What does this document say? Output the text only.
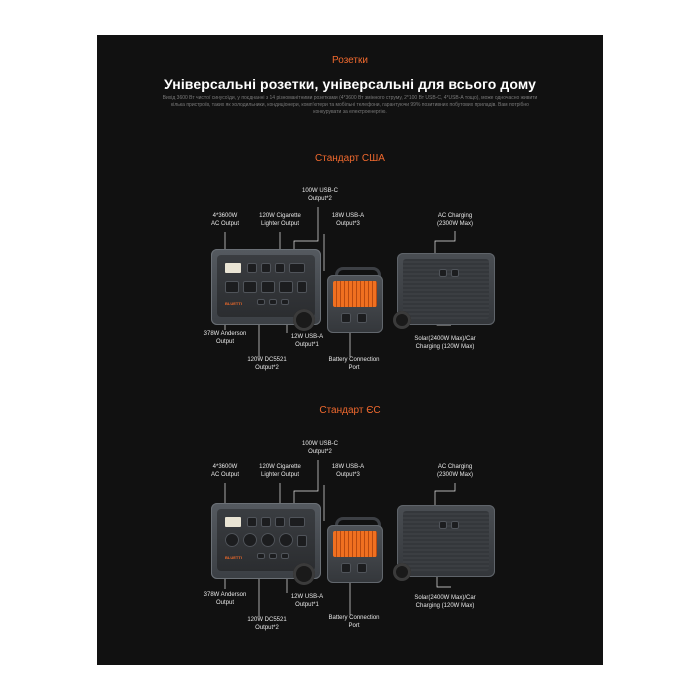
Розетки
Універсальні розетки, універсальні для всього дому
Вихід 3600 Вт чистої синусоїди, у поєднанні з 14 різноманітними розетками (4*3600 Вт змінного струму, 2*100 Вт USB-C, 4*USB-A тощо), може одночасно живити кілька пристроїв, таких як холодильники, кондиціонери, комп'ютери та мобільні телефони, гарантуючи 99% позитивних побутових приладів. Вам потрібно конкурувати за електроенергію.
Стандарт США
100W USB-C
Output*2
4*3600W
AC Output
120W Cigarette
Lighter Output
18W USB-A
Output*3
AC Charging
(2300W Max)
378W Anderson
Output
12W USB-A
Output*1
120W DC5521
Output*2
Battery Connection
Port
Solar(2400W Max)/Car
Charging (120W Max)
BLUETTI
Стандарт ЄС
100W USB-C
Output*2
4*3600W
AC Output
120W Cigarette
Lighter Output
18W USB-A
Output*3
AC Charging
(2300W Max)
378W Anderson
Output
12W USB-A
Output*1
120W DC5521
Output*2
Battery Connection
Port
Solar(2400W Max)/Car
Charging (120W Max)
BLUETTI
